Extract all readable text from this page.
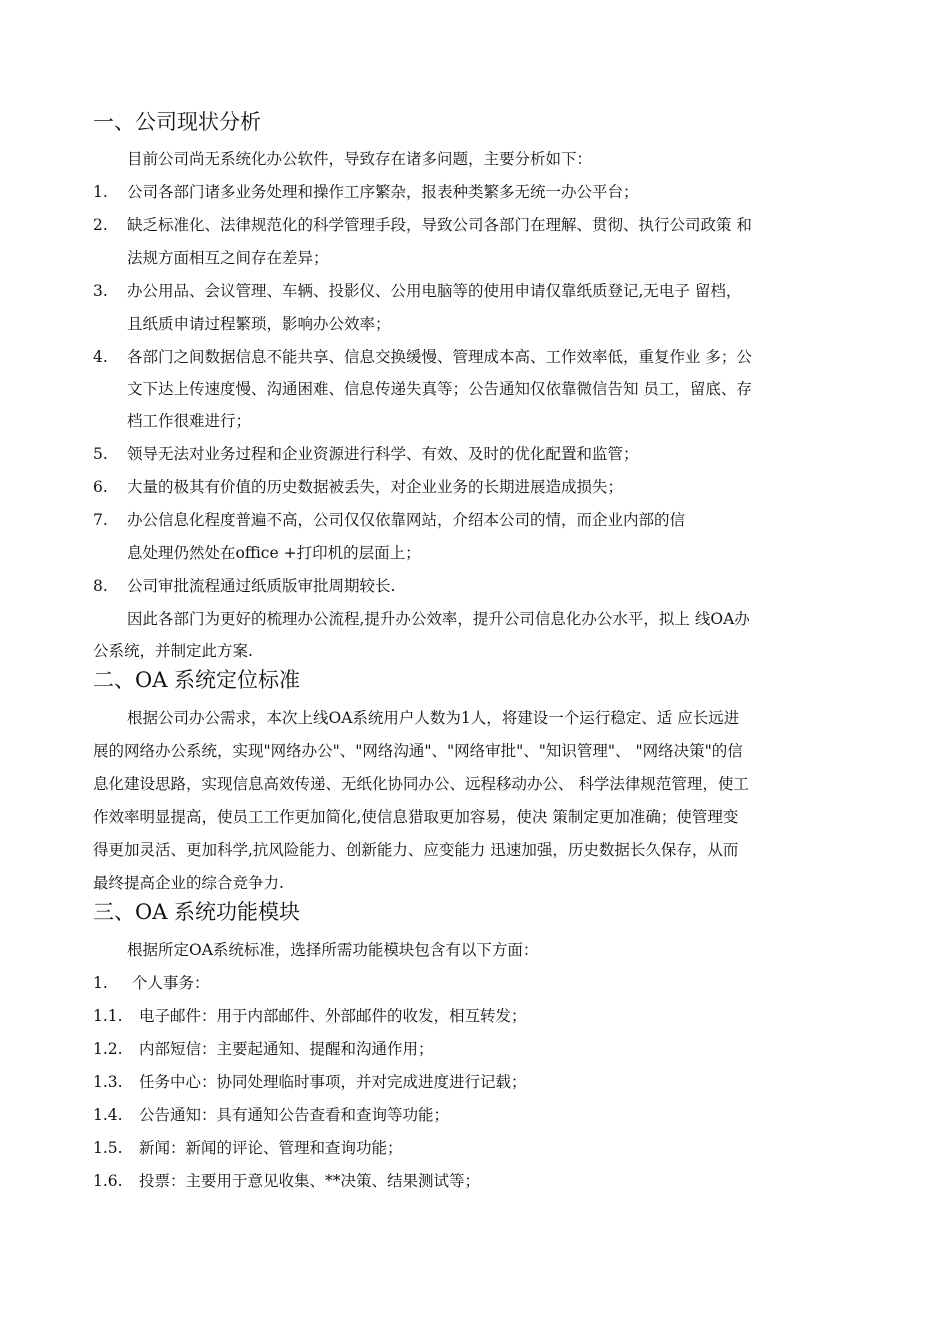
一、公司现状分析
目前公司尚无系统化办公软件，导致存在诸多问题，主要分析如下：
1. 公司各部门诸多业务处理和操作工序繁杂，报表种类繁多无统一办公平台；
2. 缺乏标准化、法律规范化的科学管理手段，导致公司各部门在理解、贯彻、执行公司政策 和
法规方面相互之间存在差异；
3. 办公用品、会议管理、车辆、投影仪、公用电脑等的使用申请仅靠纸质登记,无电子 留档，
且纸质申请过程繁琐，影响办公效率；
4. 各部门之间数据信息不能共享、信息交换缓慢、管理成本高、工作效率低，重复作业 多；公
文下达上传速度慢、沟通困难、信息传递失真等；公告通知仅依靠微信告知 员工，留底、存
档工作很难进行；
5. 领导无法对业务过程和企业资源进行科学、有效、及时的优化配置和监管；
6. 大量的极其有价值的历史数据被丢失，对企业业务的长期进展造成损失；
7. 办公信息化程度普遍不高，公司仅仅依靠网站，介绍本公司的情，而企业内部的信
息处理仍然处在office +打印机的层面上；
8. 公司审批流程通过纸质版审批周期较长.
因此各部门为更好的梳理办公流程,提升办公效率，提升公司信息化办公水平，拟上 线OA办
公系统，并制定此方案.
二、OA 系统定位标准
根据公司办公需求，本次上线OA系统用户人数为1人，将建设一个运行稳定、适 应长远进
展的网络办公系统，实现"网络办公"、"网络沟通"、"网络审批"、"知识管理"、 "网络决策"的信
息化建设思路，实现信息高效传递、无纸化协同办公、远程移动办公、 科学法律规范管理，使工
作效率明显提高，使员工工作更加简化,使信息猎取更加容易，使决 策制定更加准确；使管理变
得更加灵活、更加科学,抗风险能力、创新能力、应变能力 迅速加强，历史数据长久保存，从而
最终提高企业的综合竞争力.
三、OA 系统功能模块
根据所定OA系统标准，选择所需功能模块包含有以下方面：
1. 个人事务：
1.1. 电子邮件：用于内部邮件、外部邮件的收发，相互转发；
1.2. 内部短信：主要起通知、提醒和沟通作用；
1.3. 任务中心：协同处理临时事项，并对完成进度进行记载；
1.4. 公告通知：具有通知公告查看和查询等功能；
1.5. 新闻：新闻的评论、管理和查询功能；
1.6. 投票：主要用于意见收集、**决策、结果测试等；
